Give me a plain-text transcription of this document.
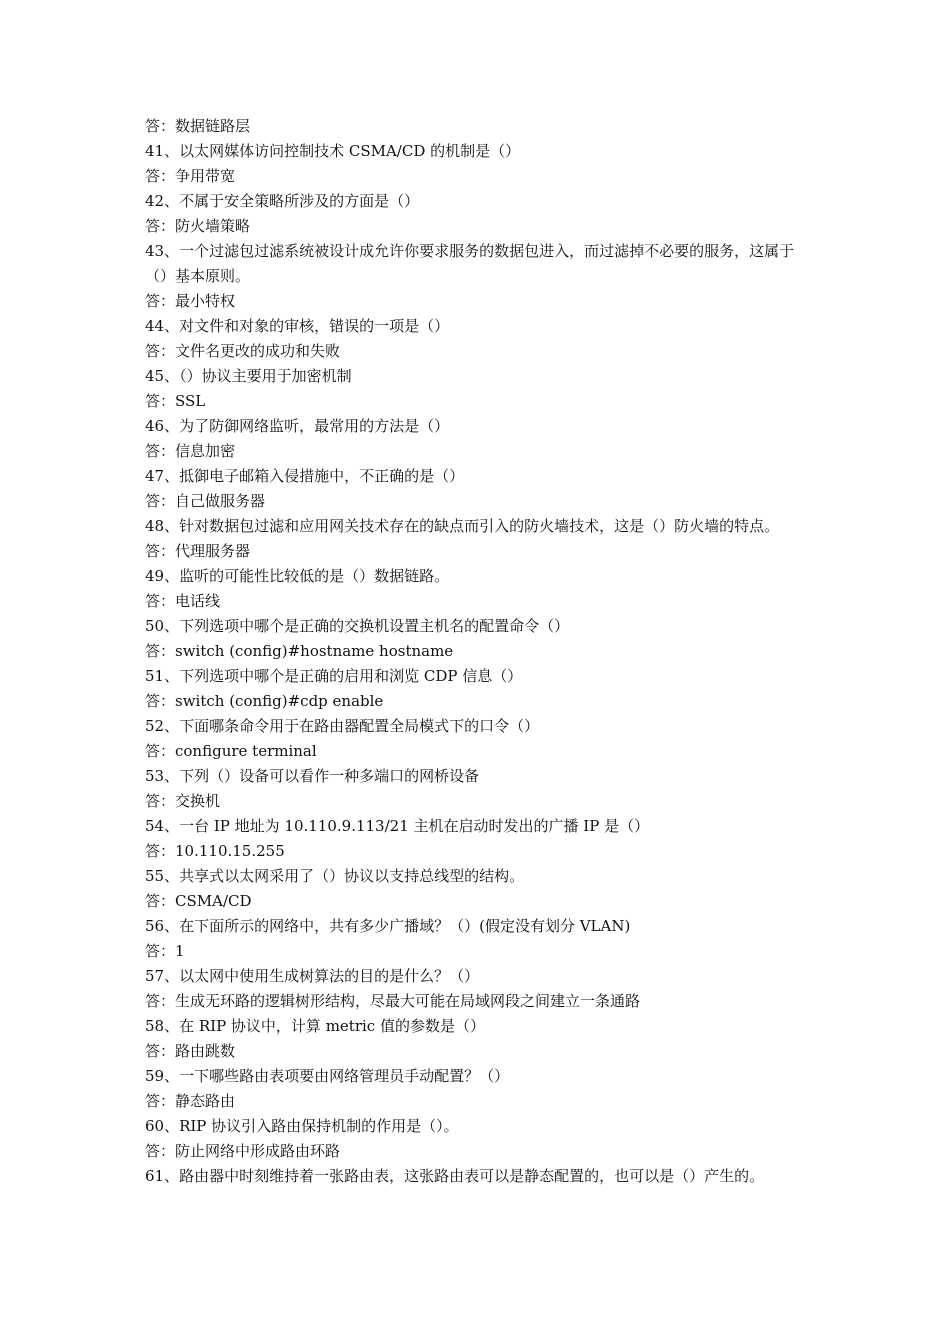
答：数据链路层
41、以太网媒体访问控制技术 CSMA/CD 的机制是（）
答：争用带宽
42、不属于安全策略所涉及的方面是（）
答：防火墙策略
43、一个过滤包过滤系统被设计成允许你要求服务的数据包进入，而过滤掉不必要的服务，这属于（）基本原则。
答：最小特权
44、对文件和对象的审核，错误的一项是（）
答：文件名更改的成功和失败
45、（）协议主要用于加密机制
答：SSL
46、为了防御网络监听，最常用的方法是（）
答：信息加密
47、抵御电子邮箱入侵措施中，不正确的是（）
答：自己做服务器
48、针对数据包过滤和应用网关技术存在的缺点而引入的防火墙技术，这是（）防火墙的特点。
答：代理服务器
49、监听的可能性比较低的是（）数据链路。
答：电话线
50、下列选项中哪个是正确的交换机设置主机名的配置命令（）
答：switch (config)#hostname hostname
51、下列选项中哪个是正确的启用和浏览 CDP 信息（）
答：switch (config)#cdp enable
52、下面哪条命令用于在路由器配置全局模式下的口令（）
答：configure terminal
53、下列（）设备可以看作一种多端口的网桥设备
答：交换机
54、一台 IP 地址为 10.110.9.113/21 主机在启动时发出的广播 IP 是（）
答：10.110.15.255
55、共享式以太网采用了（）协议以支持总线型的结构。
答：CSMA/CD
56、在下面所示的网络中，共有多少广播域？（）(假定没有划分 VLAN)
答：1
57、以太网中使用生成树算法的目的是什么？（）
答：生成无环路的逻辑树形结构，尽最大可能在局域网段之间建立一条通路
58、在 RIP 协议中，计算 metric 值的参数是（）
答：路由跳数
59、一下哪些路由表项要由网络管理员手动配置？（）
答：静态路由
60、RIP 协议引入路由保持机制的作用是（）。
答：防止网络中形成路由环路
61、路由器中时刻维持着一张路由表，这张路由表可以是静态配置的，也可以是（）产生的。
